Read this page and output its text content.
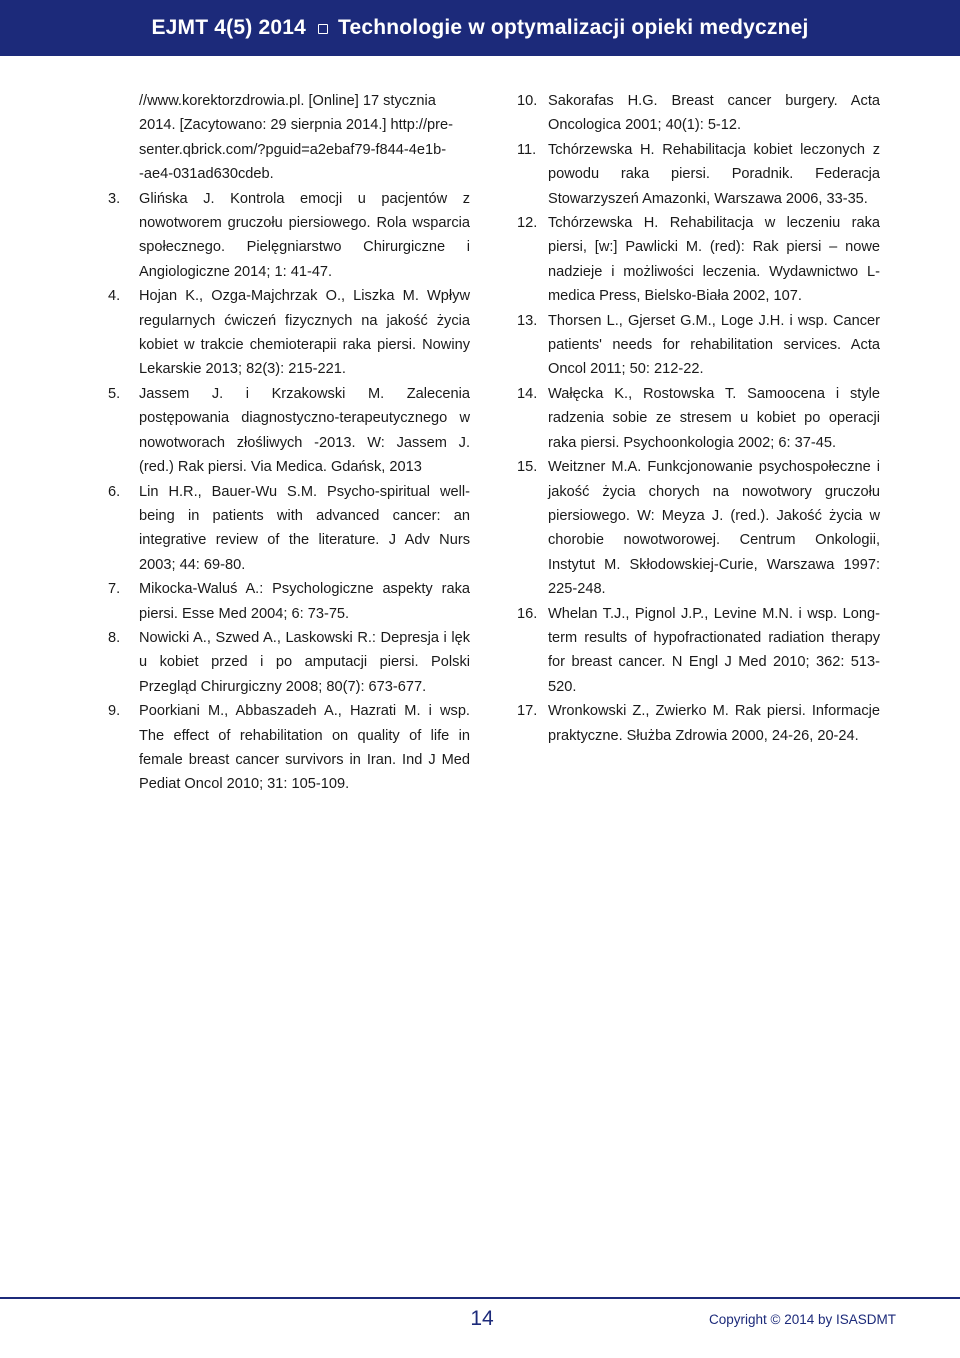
EJMT 4(5) 2014 Technologie w optymalizacji opieki medycznej
//www.korektorzdrowia.pl. [Online] 17 stycznia
2014. [Zacytowano: 29 sierpnia 2014.] http://pre-
senter.qbrick.com/?pguid=a2ebaf79-f844-4e1b-
-ae4-031ad630cdeb.
3.	Glińska J. Kontrola emocji u pacjentów z nowotworem gruczołu piersiowego. Rola wsparcia społecznego. Pielęgniarstwo Chirurgiczne i Angiologiczne 2014; 1: 41-47.
4.	Hojan K., Ozga-Majchrzak O., Liszka M. Wpływ regularnych ćwiczeń fizycznych na jakość życia kobiet w trakcie chemioterapii raka piersi. Nowiny Lekarskie 2013; 82(3): 215-221.
5.	Jassem J. i Krzakowski M. Zalecenia postępowania diagnostyczno-terapeutycznego w nowotworach złośliwych -2013. W: Jassem J. (red.) Rak piersi. Via Medica. Gdańsk, 2013
6.	Lin H.R., Bauer-Wu S.M. Psycho-spiritual well-being in patients with advanced cancer: an integrative review of the literature. J Adv Nurs 2003; 44: 69-80.
7.	Mikocka-Waluś A.: Psychologiczne aspekty raka piersi. Esse Med 2004; 6: 73-75.
8.	Nowicki A., Szwed A., Laskowski R.: Depresja i lęk u kobiet przed i po amputacji piersi. Polski Przegląd Chirurgiczny 2008; 80(7): 673-677.
9.	Poorkiani M., Abbaszadeh A., Hazrati M. i wsp. The effect of rehabilitation on quality of life in female breast cancer survivors in Iran. Ind J Med Pediat Oncol 2010; 31: 105-109.
10. Sakorafas H.G. Breast cancer burgery. Acta Oncologica 2001; 40(1): 5-12.
11. Tchórzewska H. Rehabilitacja kobiet leczonych z powodu raka piersi. Poradnik. Federacja Stowarzyszeń Amazonki, Warszawa 2006, 33-35.
12. Tchórzewska H. Rehabilitacja w leczeniu raka piersi, [w:] Pawlicki M. (red): Rak piersi – nowe nadzieje i możliwości leczenia. Wydawnictwo L-medica Press, Bielsko-Biała 2002, 107.
13. Thorsen L., Gjerset G.M., Loge J.H. i wsp. Cancer patients' needs for rehabilitation services. Acta Oncol 2011; 50: 212-22.
14. Wałęcka K., Rostowska T. Samoocena i style radzenia sobie ze stresem u kobiet po operacji raka piersi. Psychoonkologia 2002; 6: 37-45.
15. Weitzner M.A. Funkcjonowanie psychospołeczne i jakość życia chorych na nowotwory gruczołu piersiowego. W: Meyza J. (red.). Jakość życia w chorobie nowotworowej. Centrum Onkologii, Instytut M. Skłodowskiej-Curie, Warszawa 1997: 225-248.
16. Whelan T.J., Pignol J.P., Levine M.N. i wsp. Long-term results of hypofractionated radiation therapy for breast cancer. N Engl J Med 2010; 362: 513-520.
17. Wronkowski Z., Zwierko M. Rak piersi. Informacje praktyczne. Służba Zdrowia 2000, 24-26, 20-24.
14	Copyright © 2014 by ISASDMT
